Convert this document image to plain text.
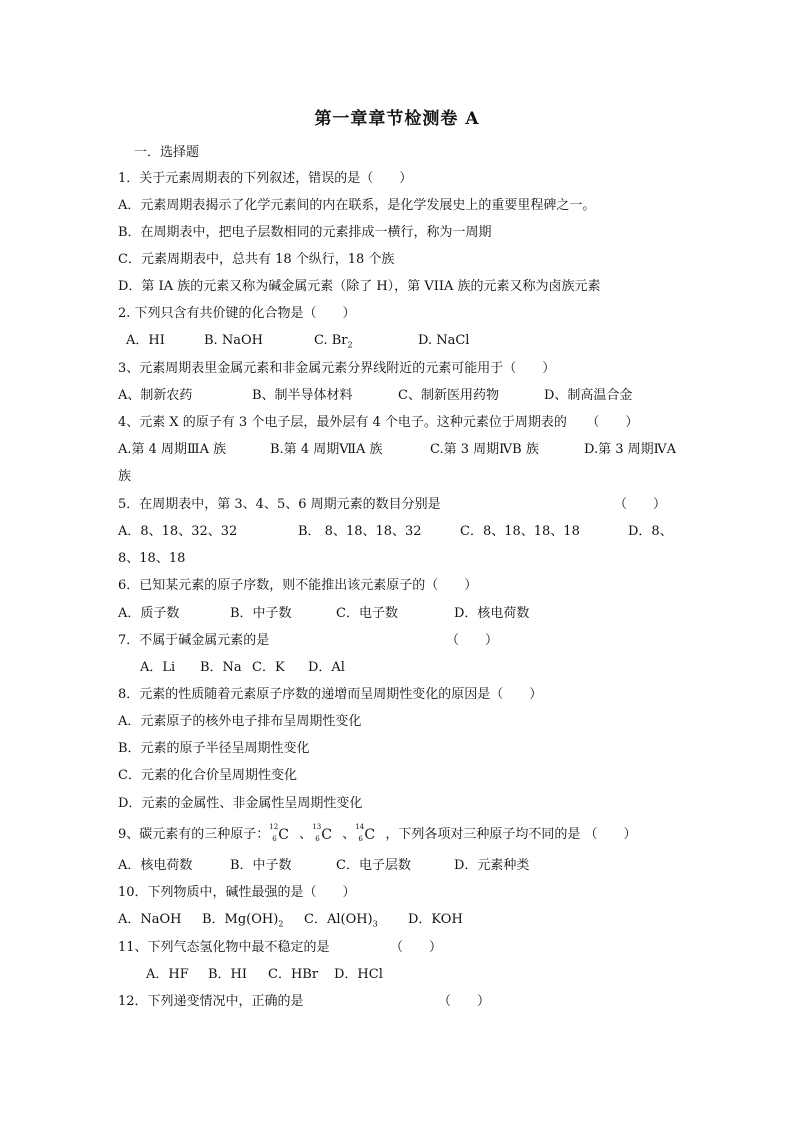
第一章章节检测卷 A
一．选择题
1．关于元素周期表的下列叙述，错误的是（　　）
A．元素周期表揭示了化学元素间的内在联系，是化学发展史上的重要里程碑之一。
B．在周期表中，把电子层数相同的元素排成一横行，称为一周期
C．元素周期表中，总共有 18 个纵行，18 个族
D．第 IA 族的元素又称为碱金属元素（除了 H），第 VIIA 族的元素又称为卤族元素
2. 下列只含有共价键的化合物是（　　）
A．HI	B. NaOH	C. $Br_2$	D. NaCl
3、元素周期表里金属元素和非金属元素分界线附近的元素可能用于（　　）
A、制新农药	B、制半导体材料	C、制新医用药物	D、制高温合金
4、元素 X 的原子有 3 个电子层，最外层有 4 个电子。这种元素位于周期表的　　（　　）
A.第 4 周期ⅢA 族	B.第 4 周期ⅦA 族	C.第 3 周期ⅣB 族	D.第 3 周期ⅣA
族
5．在周期表中，第 3、4、5、6 周期元素的数目分别是	（　　）
A．8、18、32、32	B． 8、18、18、32	C．8、18、18、18	D．8、
8、18、18
6．已知某元素的原子序数，则不能推出该元素原子的（　　）
A．质子数	B．中子数	C．电子数	D．核电荷数
7．不属于碱金属元素的是	（　　）
A．Li B．Na C．K D．Al
8．元素的性质随着元素原子序数的递增而呈周期性变化的原因是（　　）
A．元素原子的核外电子排布呈周期性变化
B．元素的原子半径呈周期性变化
C．元素的化合价呈周期性变化
D．元素的金属性、非金属性呈周期性变化
9、碳元素有的三种原子： 12
6 C 、 13
6 C 、 14
6 C ，下列各项对三种原子均不同的是 （　　）
A．核电荷数	B．中子数	C．电子层数	D．元素种类
10．下列物质中，碱性最强的是（　　）
A．NaOH B．$Mg(OH)_2$ C．$Al(OH)_3$ D．KOH
11、下列气态氢化物中最不稳定的是	（　　）
A．HF B．HI C．HBr D．HCl
12．下列递变情况中，正确的是	（　　）
